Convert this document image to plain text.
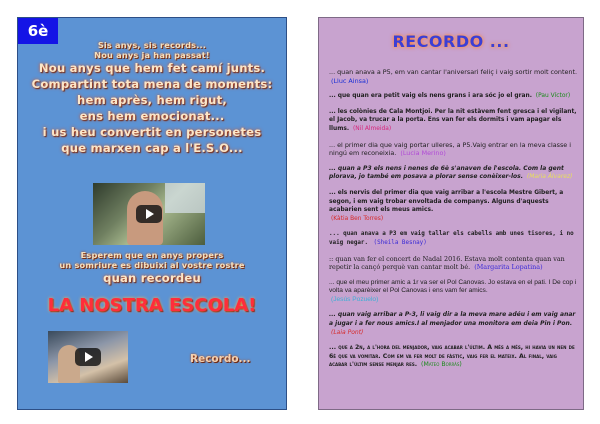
6è
Sis anys, sis records...
Nou anys ja han passat!
Nou anys que hem fet camí junts.
Compartint tota mena de moments:
hem après, hem rigut,
ens hem emocionat...
i us heu convertit en personetes
que marxen cap a l'E.S.O...
Esperem que en anys propers
un somriure es dibuixi al vostre rostre
quan recordeu
LA NOSTRA ESCOLA!
Recordo...
RECORDO ...
... quan anava a P5, em van cantar l'aniversari feliç i vaig sortir molt content. (Lluc Ainsa)
... que quan era petit vaig els nens grans i ara sóc jo el gran. (Pau Víctor)
... les colònies de Cala Montjoi. Per la nit estàvem fent gresca i el vigilant, el Jacob, va trucar a la porta. Ens van fer els dormits i vam apagar els llums. (Nil Almeida)
... el primer dia que vaig portar ulleres, a P5.Vaig entrar en la meva classe i ningú em reconeixia. (Lucia Merino)
... quan a P3 els nens i nenes de 6è s'anaven de l'escola. Com la gent plorava, jo també em posava a plorar sense conèixer-los. (Maria Álvarez)
... els nervis del primer dia que vaig arribar a l'escola Mestre Gibert, a segon, i em vaig trobar envoltada de companys. Alguns d'aquests acabarien sent els meus amics.
(Kàtia Ben Torres)
... quan anava a P3 em vaig tallar els cabells amb unes tisores, i no vaig negar. (Sheila Besnay)
:: quan van fer el concert de Nadal 2016. Estava molt contenta quan van repetir la cançó perquè van cantar molt bé. (Margarita Lopatina)
... que el meu primer amic a 1r va ser el Pol Canovas. Jo estava en el pati. I De cop i volta va aparèixer el Pol Canovas i ens vam fer amics.
(Jesús Pozuelo)
... quan vaig arribar a P-3, li vaig dir a la meva mare adéu i em vaig anar a jugar i a fer nous amics.I al menjador una monitora em deia Pin i Pon.
(Laia Pont)
... que a 2n, a l'hora del menjador, vaig acabar l'últim. A més a més, hi havia un nen de 6è que va vomitar. Com em va fer molt de fàstic, vaig fer el mateix. Al final, vaig acabar l'últim sense menjar res. (Mateo Borràs)
